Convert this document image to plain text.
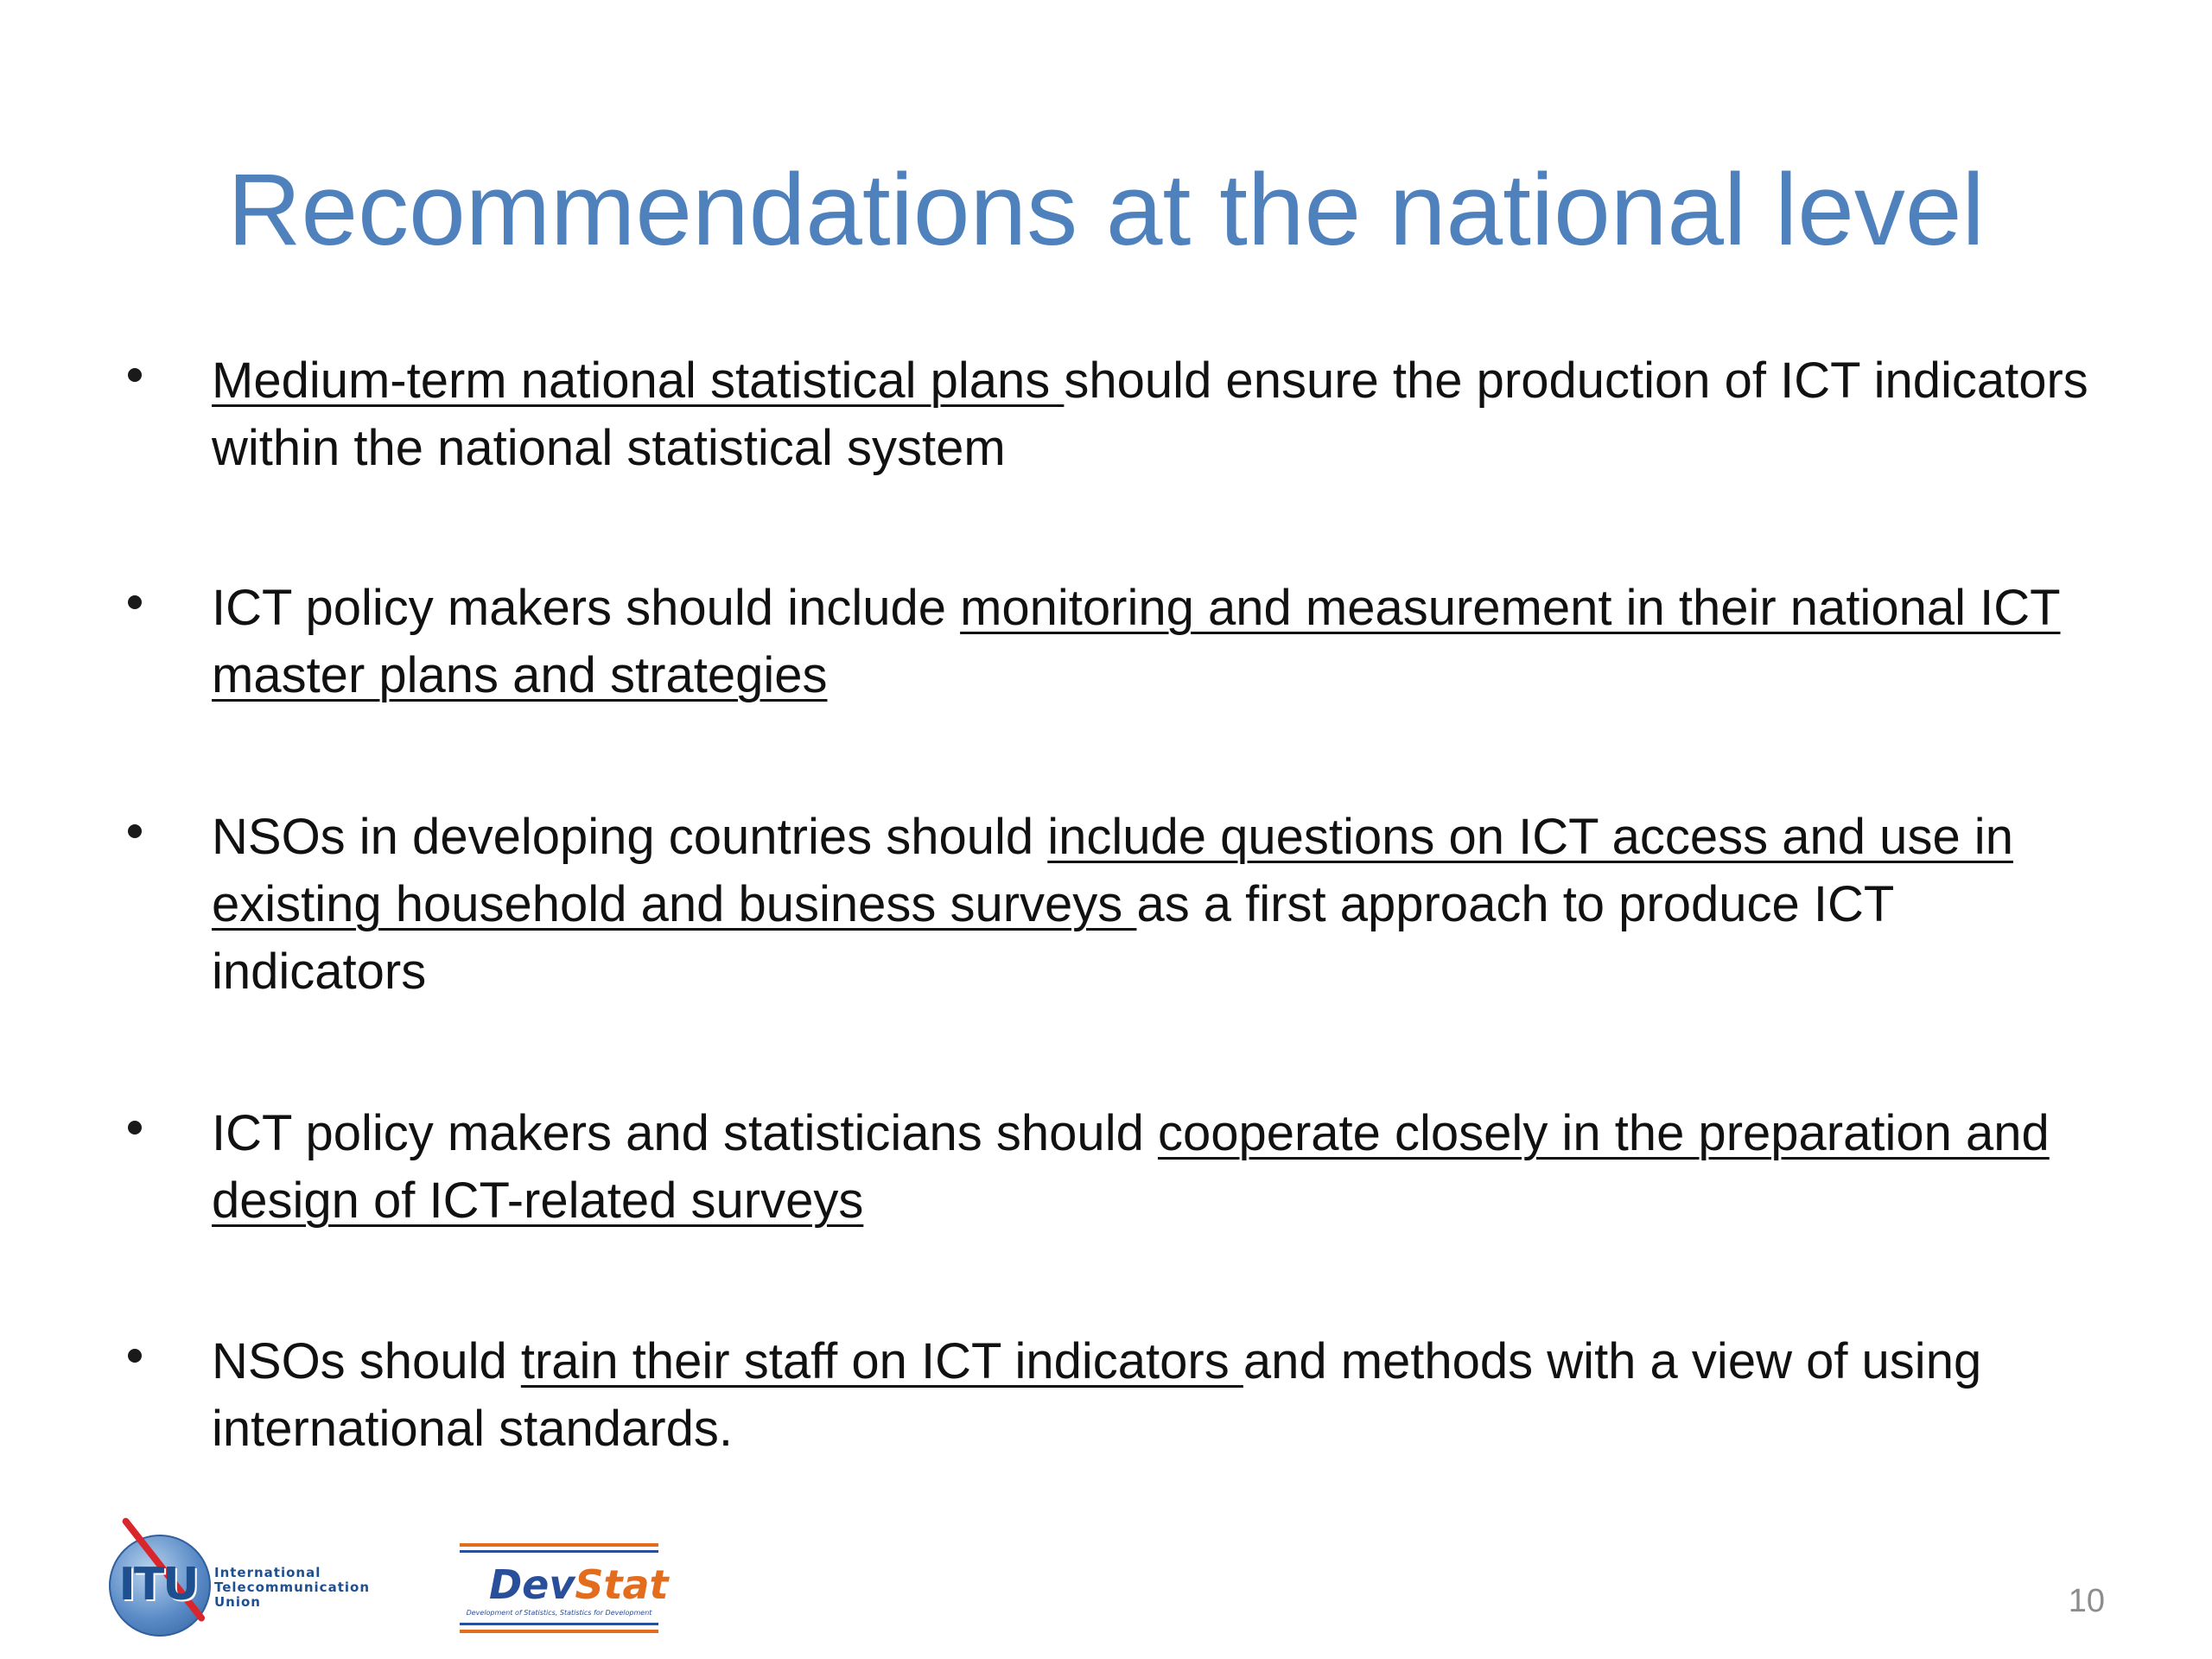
Recommendations at the national level
Medium-term national statistical plans should ensure the production of ICT indicators within the national statistical system
ICT policy makers should include monitoring and measurement in their national ICT master plans and strategies
NSOs in developing countries should include questions on ICT access and use in existing household and business surveys as a first approach to produce ICT indicators
ICT policy makers and statisticians should cooperate closely in the preparation and design of ICT-related surveys
NSOs should train their staff on ICT indicators and methods with a view of using international standards.
ITU	International
Telecommunication
Union	DevStat
Development of Statistics, Statistics for Development	10
